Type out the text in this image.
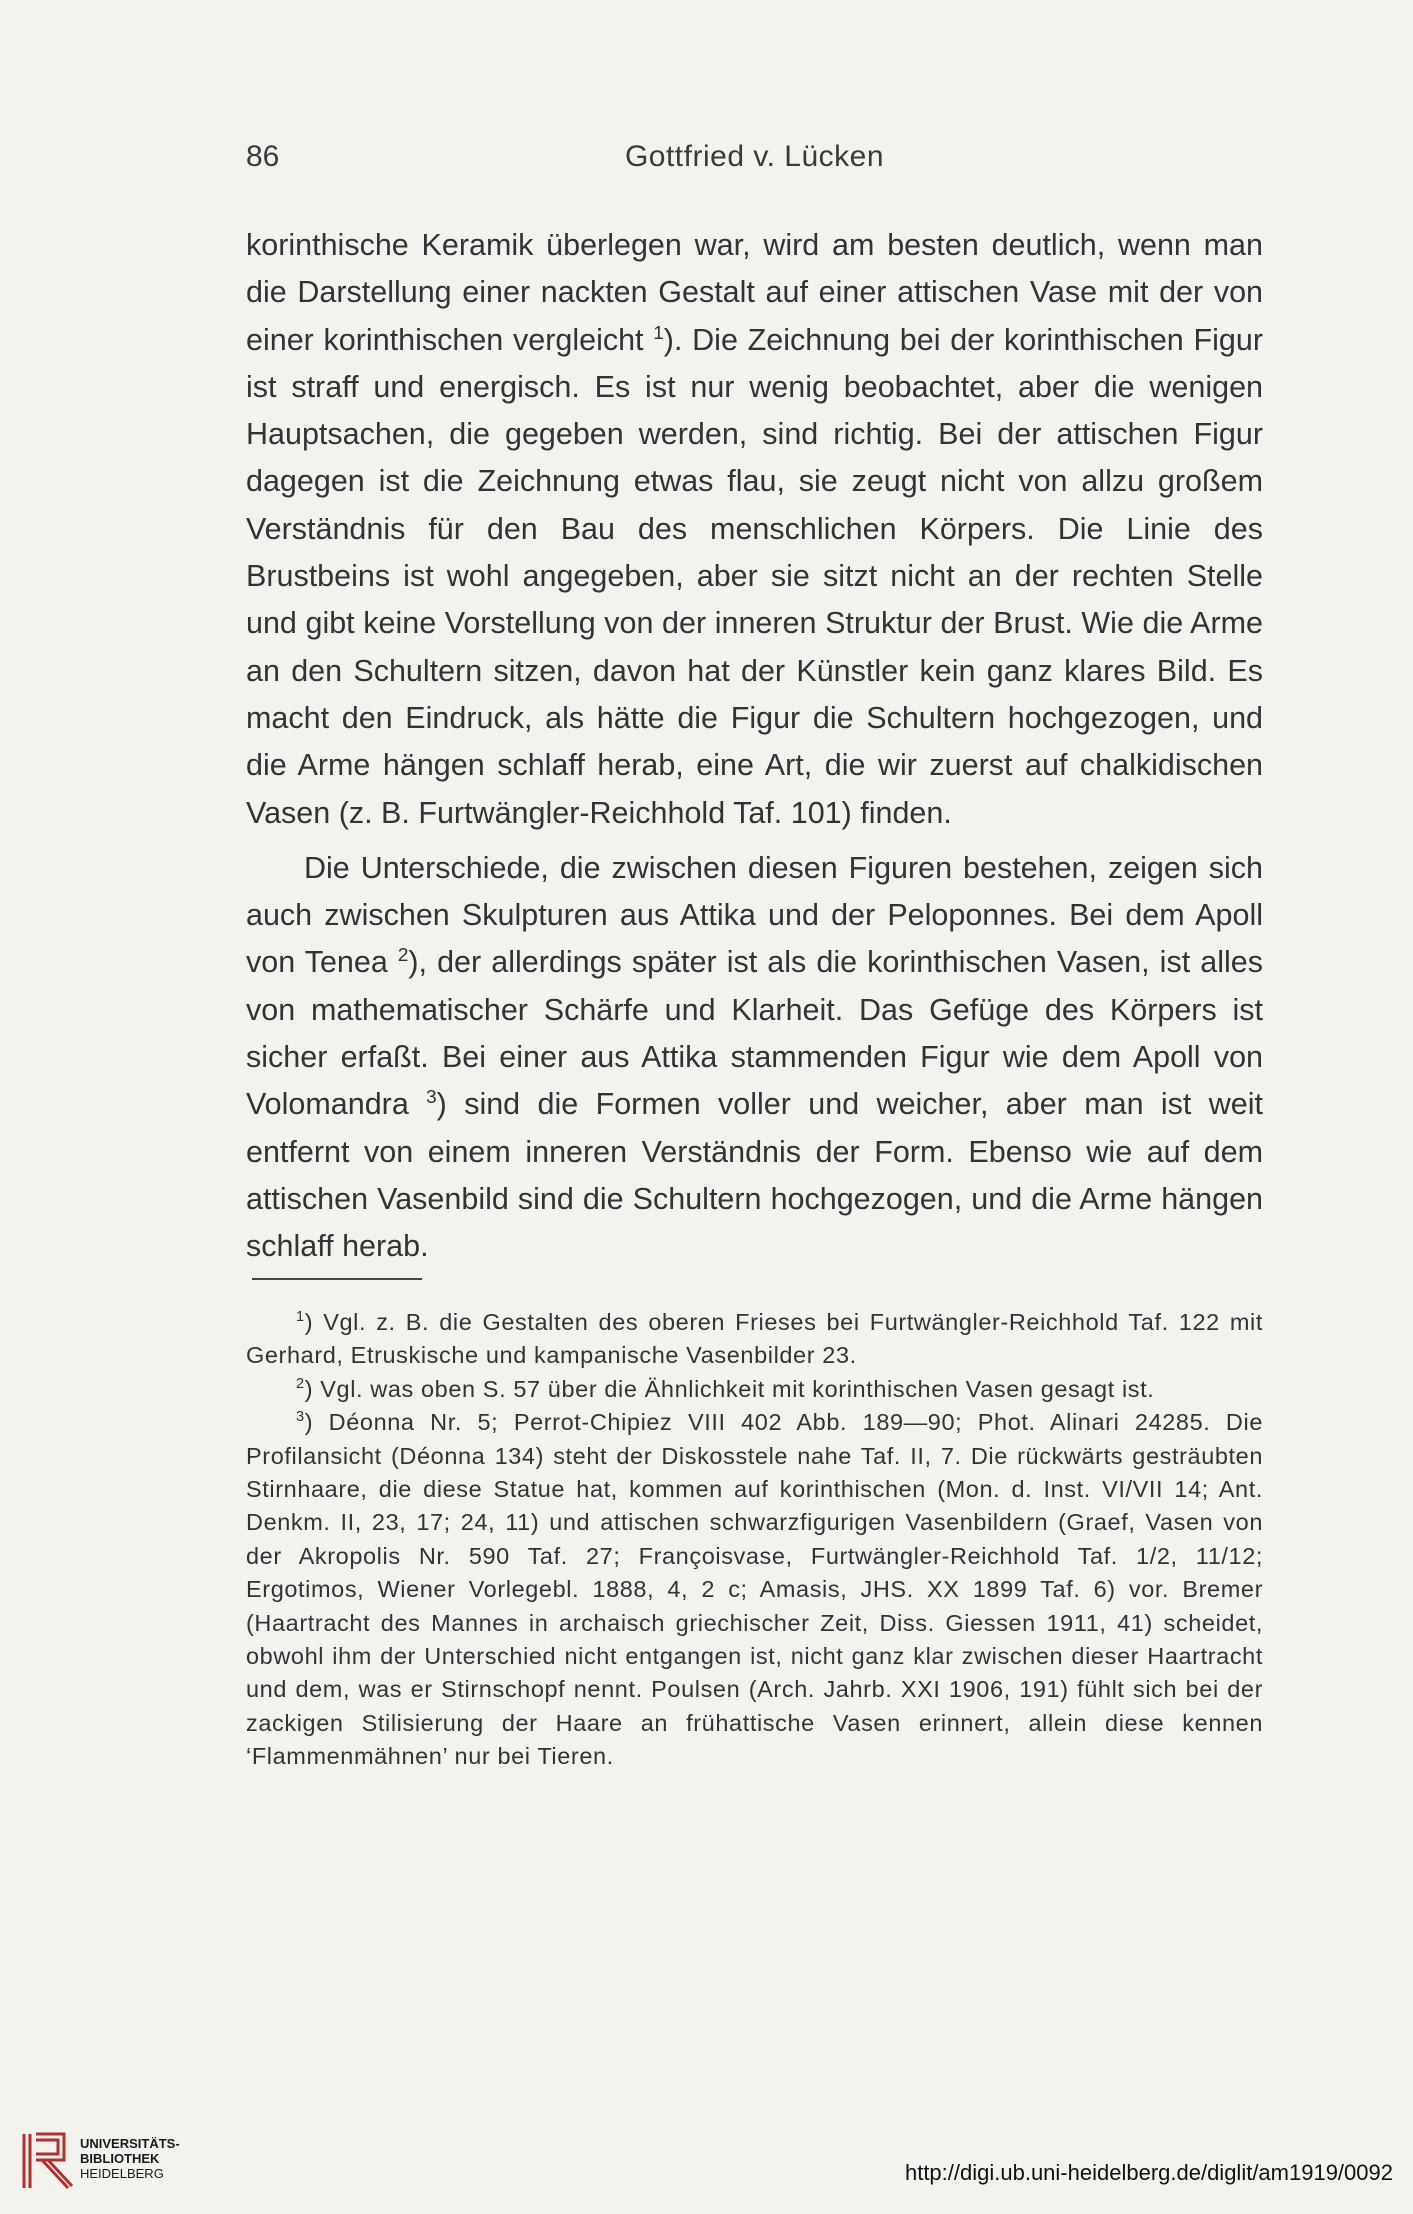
86	Gottfried v. Lücken

korinthische Keramik überlegen war, wird am besten deutlich, wenn man die Darstellung einer nackten Gestalt auf einer attischen Vase mit der von einer korinthischen vergleicht $^1$). Die Zeichnung bei der korinthischen Figur ist straff und energisch. Es ist nur wenig beobachtet, aber die wenigen Hauptsachen, die gegeben werden, sind richtig. Bei der attischen Figur dagegen ist die Zeichnung etwas flau, sie zeugt nicht von allzu großem Verständnis für den Bau des menschlichen Körpers. Die Linie des Brustbeins ist wohl angegeben, aber sie sitzt nicht an der rechten Stelle und gibt keine Vorstellung von der inneren Struktur der Brust. Wie die Arme an den Schultern sitzen, davon hat der Künstler kein ganz klares Bild. Es macht den Eindruck, als hätte die Figur die Schultern hochgezogen, und die Arme hängen schlaff herab, eine Art, die wir zuerst auf chalkidischen Vasen (z. B. Furtwängler-Reichhold Taf. 101) finden.

Die Unterschiede, die zwischen diesen Figuren bestehen, zeigen sich auch zwischen Skulpturen aus Attika und der Peloponnes. Bei dem Apoll von Tenea $^2$), der allerdings später ist als die korinthischen Vasen, ist alles von mathematischer Schärfe und Klarheit. Das Gefüge des Körpers ist sicher erfaßt. Bei einer aus Attika stammenden Figur wie dem Apoll von Volomandra $^3$) sind die Formen voller und weicher, aber man ist weit entfernt von einem inneren Verständnis der Form. Ebenso wie auf dem attischen Vasenbild sind die Schultern hochgezogen, und die Arme hängen schlaff herab.

$^1$) Vgl. z. B. die Gestalten des oberen Frieses bei Furtwängler-Reichhold Taf. 122 mit Gerhard, Etruskische und kampanische Vasenbilder 23.

$^2$) Vgl. was oben S. 57 über die Ähnlichkeit mit korinthischen Vasen gesagt ist.

$^3$) Déonna Nr. 5; Perrot-Chipiez VIII 402 Abb. 189—90; Phot. Alinari 24285. Die Profilansicht (Déonna 134) steht der Diskosstele nahe Taf. II, 7. Die rückwärts gesträubten Stirnhaare, die diese Statue hat, kommen auf korinthischen (Mon. d. Inst. VI/VII 14; Ant. Denkm. II, 23, 17; 24, 11) und attischen schwarzfigurigen Vasenbildern (Graef, Vasen von der Akropolis Nr. 590 Taf. 27; Françoisvase, Furtwängler-Reichhold Taf. 1/2, 11/12; Ergotimos, Wiener Vorlegebl. 1888, 4, 2 c; Amasis, JHS. XX 1899 Taf. 6) vor. Bremer (Haartracht des Mannes in archaisch griechischer Zeit, Diss. Giessen 1911, 41) scheidet, obwohl ihm der Unterschied nicht entgangen ist, nicht ganz klar zwischen dieser Haartracht und dem, was er Stirnschopf nennt. Poulsen (Arch. Jahrb. XXI 1906, 191) fühlt sich bei der zackigen Stilisierung der Haare an frühattische Vasen erinnert, allein diese kennen ‘Flammenmähnen’ nur bei Tieren.

UNIVERSITÄTS-
BIBLIOTHEK
HEIDELBERG	http://digi.ub.uni-heidelberg.de/diglit/am1919/0092
